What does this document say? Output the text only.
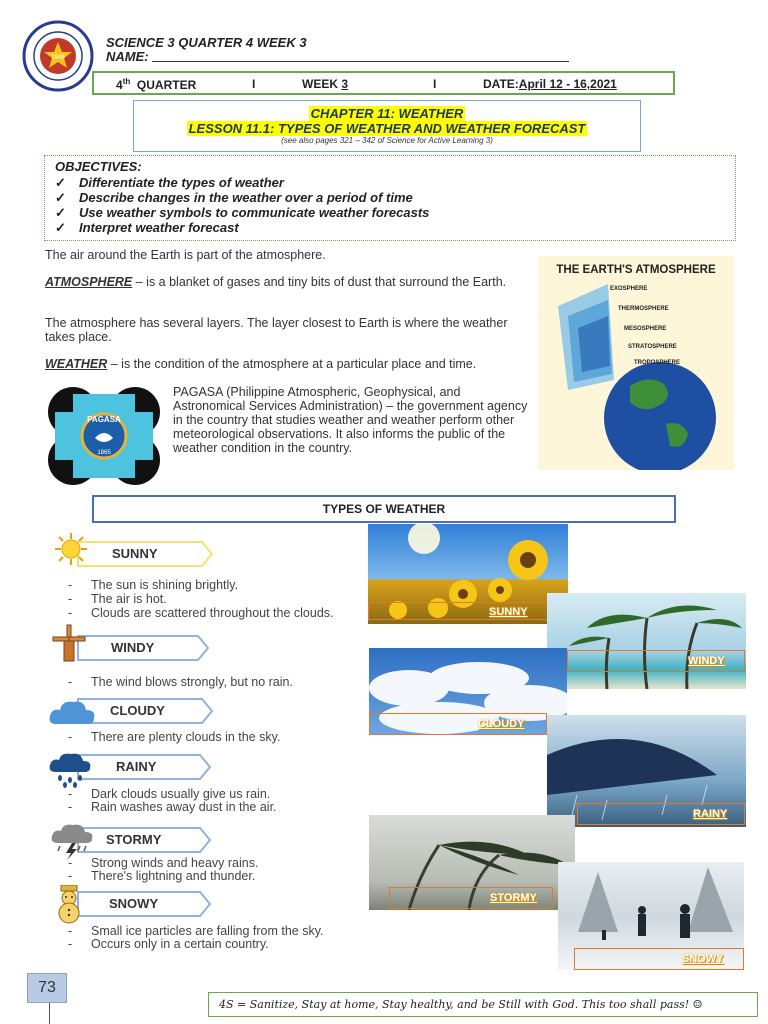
1946
SCIENCE 3 QUARTER 4 WEEK 3
NAME:
4th QUARTER	I	WEEK 3	I	DATE:April 12 - 16,2021
CHAPTER 11: WEATHER
LESSON 11.1: TYPES OF WEATHER AND WEATHER FORECAST
(see also pages 321 – 342 of Science for Active Learning 3)
OBJECTIVES:
✓ Differentiate the types of weather
✓ Describe changes in the weather over a period of time
✓ Use weather symbols to communicate weather forecasts
✓ Interpret weather forecast
The air around the Earth is part of the atmosphere.
ATMOSPHERE – is a blanket of gases and tiny bits of dust that surround the Earth.
The atmosphere has several layers. The layer closest to Earth is where the weather takes place.
WEATHER – is the condition of the atmosphere at a particular place and time.
PAGASA (Philippine Atmospheric, Geophysical, and Astronomical Services Administration) – the government agency in the country that studies weather and weather perform other meteorological observations. It also informs the public of the weather condition in the country.
THE EARTH'S ATMOSPHERE
EXOSPHERE
THERMOSPHERE
MESOSPHERE
STRATOSPHERE
TROPOSPHERE
PAGASA
1865
TYPES OF WEATHER
SUNNY
- The sun is shining brightly.
- The air is hot.
- Clouds are scattered throughout the clouds.
WINDY
- The wind blows strongly, but no rain.
CLOUDY
- There are plenty clouds in the sky.
RAINY
- Dark clouds usually give us rain.
- Rain washes away dust in the air.
STORMY
- Strong winds and heavy rains.
- There's lightning and thunder.
SNOWY
- Small ice particles are falling from the sky.
- Occurs only in a certain country.
SUNNY
WINDY
CLOUDY
RAINY
STORMY
SNOWY
73
4S = Sanitize, Stay at home, Stay healthy, and be Still with God. This too shall pass! ☺
